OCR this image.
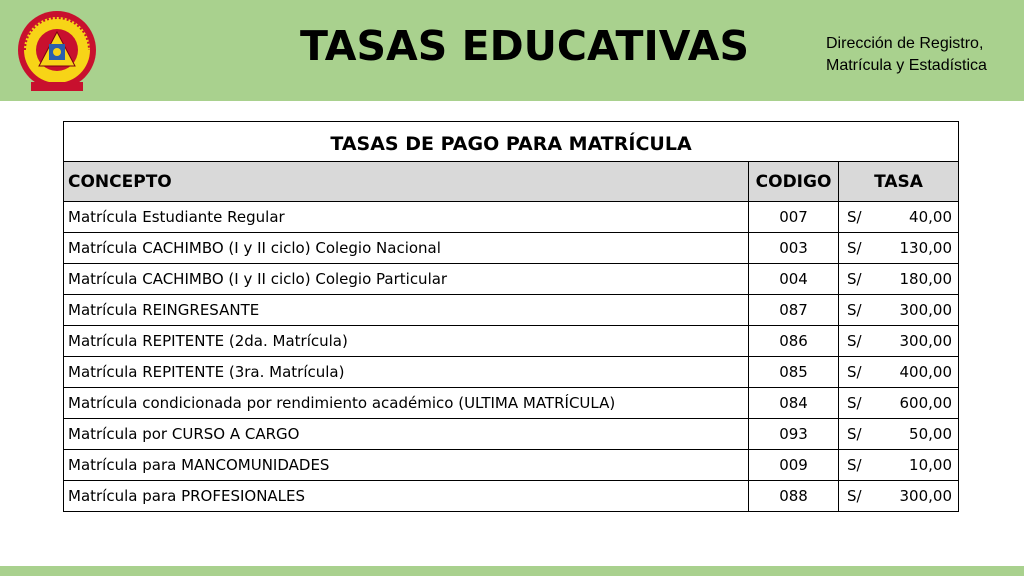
TASAS EDUCATIVAS	Dirección de Registro,
Matrícula y Estadística
TASAS DE PAGO PARA MATRÍCULA			
CONCEPTO	CODIGO	TASA	
Matrícula Estudiante Regular	007	S/	40,00
Matrícula CACHIMBO (I y II ciclo) Colegio Nacional	003	S/	130,00
Matrícula CACHIMBO (I y II ciclo) Colegio Particular	004	S/	180,00
Matrícula REINGRESANTE	087	S/	300,00
Matrícula REPITENTE (2da. Matrícula)	086	S/	300,00
Matrícula REPITENTE (3ra. Matrícula)	085	S/	400,00
Matrícula condicionada por rendimiento académico (ULTIMA MATRÍCULA)	084	S/	600,00
Matrícula por CURSO A CARGO	093	S/	50,00
Matrícula para MANCOMUNIDADES	009	S/	10,00
Matrícula para PROFESIONALES	088	S/	300,00
